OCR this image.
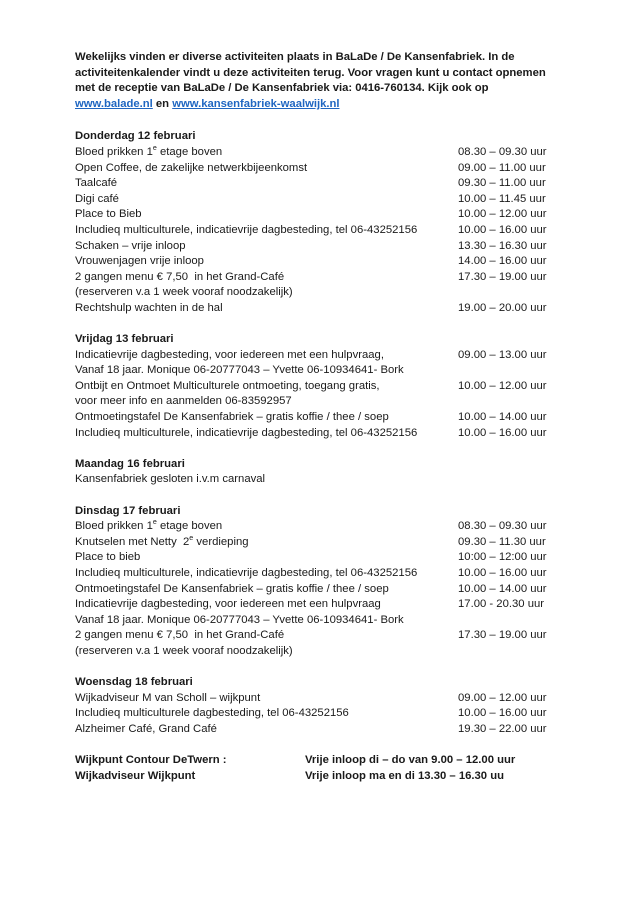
Wekelijks vinden er diverse activiteiten plaats in BaLaDe / De Kansenfabriek. In de
activiteitenkalender vindt u deze activiteiten terug. Voor vragen kunt u contact opnemen
met de receptie van BaLaDe / De Kansenfabriek via: 0416-760134. Kijk ook op
www.balade.nl en www.kansenfabriek-waalwijk.nl

Donderdag 12 februari
Bloed prikken 1e etage boven	08.30 – 09.30 uur
Open Coffee, de zakelijke netwerkbijeenkomst	09.00 – 11.00 uur
Taalcafé	09.30 – 11.00 uur
Digi café	10.00 – 11.45 uur
Place to Bieb	10.00 – 12.00 uur
Includieq multiculturele, indicatievrije dagbesteding, tel 06-43252156	10.00 – 16.00 uur
Schaken – vrije inloop	13.30 – 16.30 uur
Vrouwenjagen vrije inloop	14.00 – 16.00 uur
2 gangen menu € 7,50  in het Grand-Café	17.30 – 19.00 uur
(reserveren v.a 1 week vooraf noodzakelijk)
Rechtshulp wachten in de hal	19.00 – 20.00 uur
Vrijdag 13 februari
Indicatievrije dagbesteding, voor iedereen met een hulpvraag,	09.00 – 13.00 uur
Vanaf 18 jaar. Monique 06-20777043 – Yvette 06-10934641- Bork
Ontbijt en Ontmoet Multiculturele ontmoeting, toegang gratis,	10.00 – 12.00 uur
voor meer info en aanmelden 06-83592957
Ontmoetingstafel De Kansenfabriek – gratis koffie / thee / soep	10.00 – 14.00 uur
Includieq multiculturele, indicatievrije dagbesteding, tel 06-43252156	10.00 – 16.00 uur
Maandag 16 februari
Kansenfabriek gesloten i.v.m carnaval
Dinsdag 17 februari
Bloed prikken 1e etage boven	08.30 – 09.30 uur
Knutselen met Netty  2e verdieping	09.30 – 11.30 uur
Place to bieb	10:00 – 12:00 uur
Includieq multiculturele, indicatievrije dagbesteding, tel 06-43252156	10.00 – 16.00 uur
Ontmoetingstafel De Kansenfabriek – gratis koffie / thee / soep	10.00 – 14.00 uur
Indicatievrije dagbesteding, voor iedereen met een hulpvraag	17.00 - 20.30 uur
Vanaf 18 jaar. Monique 06-20777043 – Yvette 06-10934641- Bork
2 gangen menu € 7,50  in het Grand-Café	17.30 – 19.00 uur
(reserveren v.a 1 week vooraf noodzakelijk)
Woensdag 18 februari
Wijkadviseur M van Scholl – wijkpunt	09.00 – 12.00 uur
Includieq multiculturele dagbesteding, tel 06-43252156	10.00 – 16.00 uur
Alzheimer Café, Grand Café	19.30 – 22.00 uur
Wijkpunt Contour DeTwern :	Vrije inloop di – do van 9.00 – 12.00 uur
Wijkadviseur Wijkpunt	Vrije inloop ma en di 13.30 – 16.30 uu
